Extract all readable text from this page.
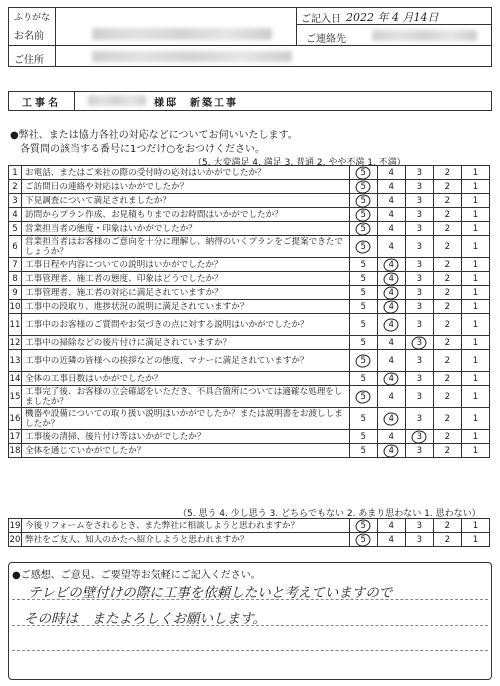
ふりがな
お名前
ご住所
ご記入日 2022 年 4 月14日
ご連絡先
工事名	様邸　新築工事
●弊社、または協力各社の対応などについてお伺いいたします。
各質問の該当する番号に1つだけ○をおつけください。
（5. 大変満足 4. 満足 3. 普通 2. やや不満 1. 不満）
1	お電話、またはご来社の際の受付時の応対はいかがでしたか？	5	4	3	2	1
2	ご訪問日の連絡や対応はいかがでしたか？	5	4	3	2	1
3	下見調査について満足されましたか？	5	4	3	2	1
4	訪問からプラン作成、お見積もりまでのお時間はいかがでしたか？	5	4	3	2	1
5	営業担当者の態度・印象はいかがでしたか？	5	4	3	2	1
6	営業担当者はお客様のご意向を十分に理解し、納得のいくプランをご提案できたでしょうか？	5	4	3	2	1
7	工事日程や内容についての説明はいかがでしたか？	5	4	3	2	1
8	工事管理者、施工者の態度、印象はどうでしたか？	5	4	3	2	1
9	工事管理者、施工者の対応に満足されていますか？	5	4	3	2	1
10	工事中の段取り、進捗状況の説明に満足されていますか？	5	4	3	2	1
11	工事中のお客様のご質問やお気づきの点に対する説明はいかがでしたか？	5	4	3	2	1
12	工事中の掃除などの後片付けに満足されていますか？	5	4	3	2	1
13	工事中の近隣の皆様への挨拶などの態度、マナーに満足されていますか？	5	4	3	2	1
14	全体の工事日数はいかがでしたか？	5	4	3	2	1
15	工事完了後、お客様の立会確認をいただき、不具合箇所については適確な処理をしましたか？	5	4	3	2	1
16	機器や設備についての取り扱い説明はいかがでしたか？または説明書をお渡ししましたか？	5	4	3	2	1
17	工事後の清掃、後片付け等はいかがでしたか？	5	4	3	2	1
18	全体を通じていかがでしたか？	5	4	3	2	1
（5. 思う 4. 少し思う 3. どちらでもない 2. あまり思わない 1. 思わない）
19	今後リフォームをされるとき、また弊社に相談しようと思われますか？	5	4	3	2	1
20	弊社をご友人、知人のかたへ紹介しようと思われますか？	5	4	3	2	1
●ご感想、ご意見、ご要望等お気軽にご記入ください。
テレビの壁付けの際に工事を依頼したいと考えていますので
その時は　またよろしくお願いします。
